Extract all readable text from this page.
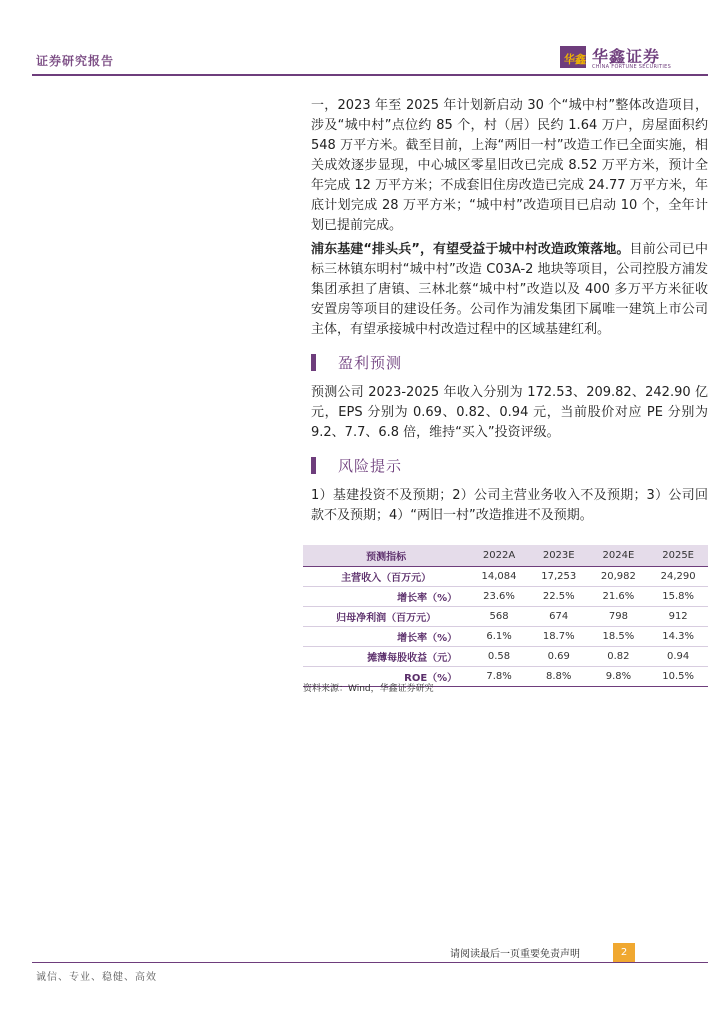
证券研究报告	华鑫 华鑫证券
CHINA FORTUNE SECURITIES

一，2023 年至 2025 年计划新启动 30 个“城中村”整体改造项目，涉及“城中村”点位约 85 个，村（居）民约 1.64 万户，房屋面积约 548 万平方米。截至目前，上海“两旧一村”改造工作已全面实施，相关成效逐步显现，中心城区零星旧改已完成 8.52 万平方米，预计全年完成 12 万平方米；不成套旧住房改造已完成 24.77 万平方米，年底计划完成 28 万平方米；“城中村”改造项目已启动 10 个，全年计划已提前完成。

浦东基建“排头兵”，有望受益于城中村改造政策落地。目前公司已中标三林镇东明村“城中村”改造 C03A-2 地块等项目，公司控股方浦发集团承担了唐镇、三林北蔡“城中村”改造以及 400 多万平方米征收安置房等项目的建设任务。公司作为浦发集团下属唯一建筑上市公司主体，有望承接城中村改造过程中的区域基建红利。

盈利预测

预测公司 2023-2025 年收入分别为 172.53、209.82、242.90 亿元，EPS 分别为 0.69、0.82、0.94 元，当前股价对应 PE 分别为 9.2、7.7、6.8 倍，维持“买入”投资评级。

风险提示

1）基建投资不及预期；2）公司主营业务收入不及预期；3）公司回款不及预期；4）“两旧一村”改造推进不及预期。

预测指标	2022A	2023E	2024E	2025E
主营收入（百万元）	14,084	17,253	20,982	24,290
增长率（%）	23.6%	22.5%	21.6%	15.8%
归母净利润（百万元）	568	674	798	912
增长率（%）	6.1%	18.7%	18.5%	14.3%
摊薄每股收益（元）	0.58	0.69	0.82	0.94
ROE（%）	7.8%	8.8%	9.8%	10.5%
资料来源：Wind，华鑫证券研究
请阅读最后一页重要免责声明	2
诚信、专业、稳健、高效
